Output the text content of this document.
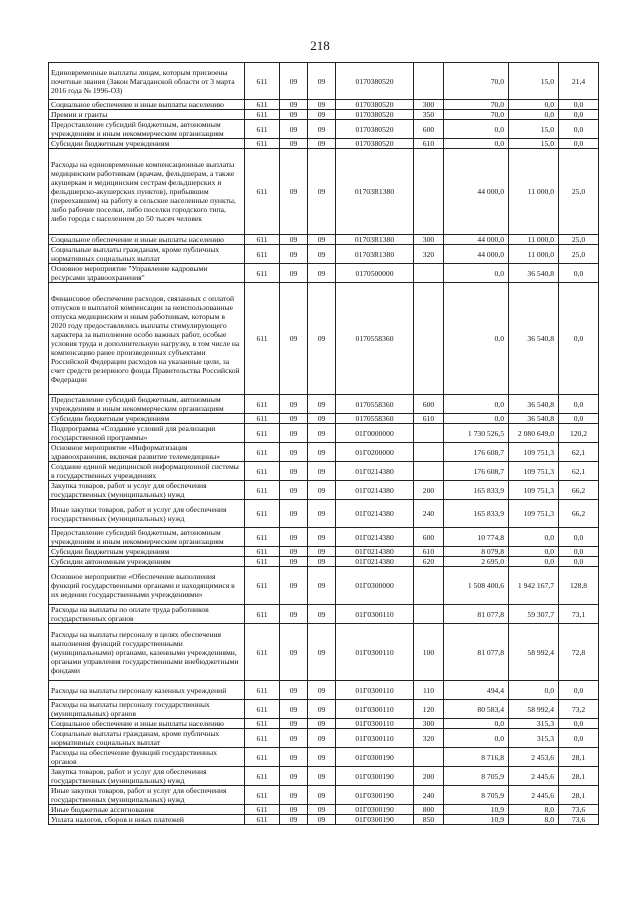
218
Единовременные выплаты лицам, которым присвоены почетные звания (Закон Магаданской области от 3 марта 2016 года № 1996-ОЗ)	611	09	09	0170380520		70,0	15,0	21,4
Социальное обеспечение и иные выплаты населению	611	09	09	0170380520	300	70,0	0,0	0,0
Премии и гранты	611	09	09	0170380520	350	70,0	0,0	0,0
Предоставление субсидий бюджетным, автономным учреждениям и иным некоммерческим организациям	611	09	09	0170380520	600	0,0	15,0	0,0
Субсидии бюджетным учреждениям	611	09	09	0170380520	610	0,0	15,0	0,0
Расходы на единовременные компенсационные выплаты медицинским работникам (врачам, фельдшерам, а также акушеркам и медицинским сестрам фельдшерских и фельдшерско-акушерских пунктов), прибывшим (переехавшим) на работу в сельские населенные пункты, либо рабочие поселки, либо поселки городского типа, либо города с населением до 50 тысяч человек	611	09	09	01703R1380		44 000,0	11 000,0	25,0
Социальное обеспечение и иные выплаты населению	611	09	09	01703R1380	300	44 000,0	11 000,0	25,0
Социальные выплаты гражданам, кроме публичных нормативных социальных выплат	611	09	09	01703R1380	320	44 000,0	11 000,0	25,0
Основное мероприятие "Управление кадровыми ресурсами здравоохранения"	611	09	09	0170500000		0,0	36 540,8	0,0
Финансовое обеспечение расходов, связанных с оплатой отпусков и выплатой компенсации за неиспользованные отпуска медицинским и иным работникам, которым в 2020 году предоставлялись выплаты стимулирующего характера за выполнение особо важных работ, особые условия труда и дополнительную нагрузку, в том числе на компенсацию ранее произведенных субъектами Российской Федерации расходов на указанные цели, за счет средств резервного фонда Правительства Российской Федерации	611	09	09	0170558360		0,0	36 540,8	0,0
Предоставление субсидий бюджетным, автономным учреждениям и иным некоммерческим организациям	611	09	09	0170558360	600	0,0	36 540,8	0,0
Субсидии бюджетным учреждениям	611	09	09	0170558360	610	0,0	36 540,8	0,0
Подпрограмма «Создание условий для реализации государственной программы»	611	09	09	01Г0000000		1 730 526,5	2 080 649,0	120,2
Основное мероприятие «Информатизация здравоохранения, включая развитие телемедицины»	611	09	09	01Г0200000		176 608,7	109 751,3	62,1
Создание единой медицинской информационной системы в государственных учреждениях	611	09	09	01Г0214380		176 608,7	109 751,3	62,1
Закупка товаров, работ и услуг для обеспечения государственных (муниципальных) нужд	611	09	09	01Г0214380	200	165 833,9	109 751,3	66,2
Иные закупки товаров, работ и услуг для обеспечения государственных (муниципальных) нужд	611	09	09	01Г0214380	240	165 833,9	109 751,3	66,2
Предоставление субсидий бюджетным, автономным учреждениям и иным некоммерческим организациям	611	09	09	01Г0214380	600	10 774,8	0,0	0,0
Субсидии бюджетным учреждениям	611	09	09	01Г0214380	610	8 079,8	0,0	0,0
Субсидии автономным учреждениям	611	09	09	01Г0214380	620	2 695,0	0,0	0,0
Основное мероприятие «Обеспечение выполнения функций государственными органами и находящимися в их ведении государственными учреждениями»	611	09	09	01Г0300000		1 508 400,6	1 942 167,7	128,8
Расходы на выплаты по оплате труда работников государственных органов	611	09	09	01Г0300110		81 077,8	59 307,7	73,1
Расходы на выплаты персоналу в целях обеспечения выполнения функций государственными (муниципальными) органами, казенными учреждениями, органами управления государственными внебюджетными фондами	611	09	09	01Г0300110	100	81 077,8	58 992,4	72,8
Расходы на выплаты персоналу казенных учреждений	611	09	09	01Г0300110	110	494,4	0,0	0,0
Расходы на выплаты персоналу государственных (муниципальных) органов	611	09	09	01Г0300110	120	80 583,4	58 992,4	73,2
Социальное обеспечение и иные выплаты населению	611	09	09	01Г0300110	300	0,0	315,3	0,0
Социальные выплаты гражданам, кроме публичных нормативных социальных выплат	611	09	09	01Г0300110	320	0,0	315,3	0,0
Расходы на обеспечение функций государственных органов	611	09	09	01Г0300190		8 716,8	2 453,6	28,1
Закупка товаров, работ и услуг для обеспечения государственных (муниципальных) нужд	611	09	09	01Г0300190	200	8 705,9	2 445,6	28,1
Иные закупки товаров, работ и услуг для обеспечения государственных (муниципальных) нужд	611	09	09	01Г0300190	240	8 705,9	2 445,6	28,1
Иные бюджетные ассигнования	611	09	09	01Г0300190	800	10,9	8,0	73,6
Уплата налогов, сборов и иных платежей	611	09	09	01Г0300190	850	10,9	8,0	73,6
